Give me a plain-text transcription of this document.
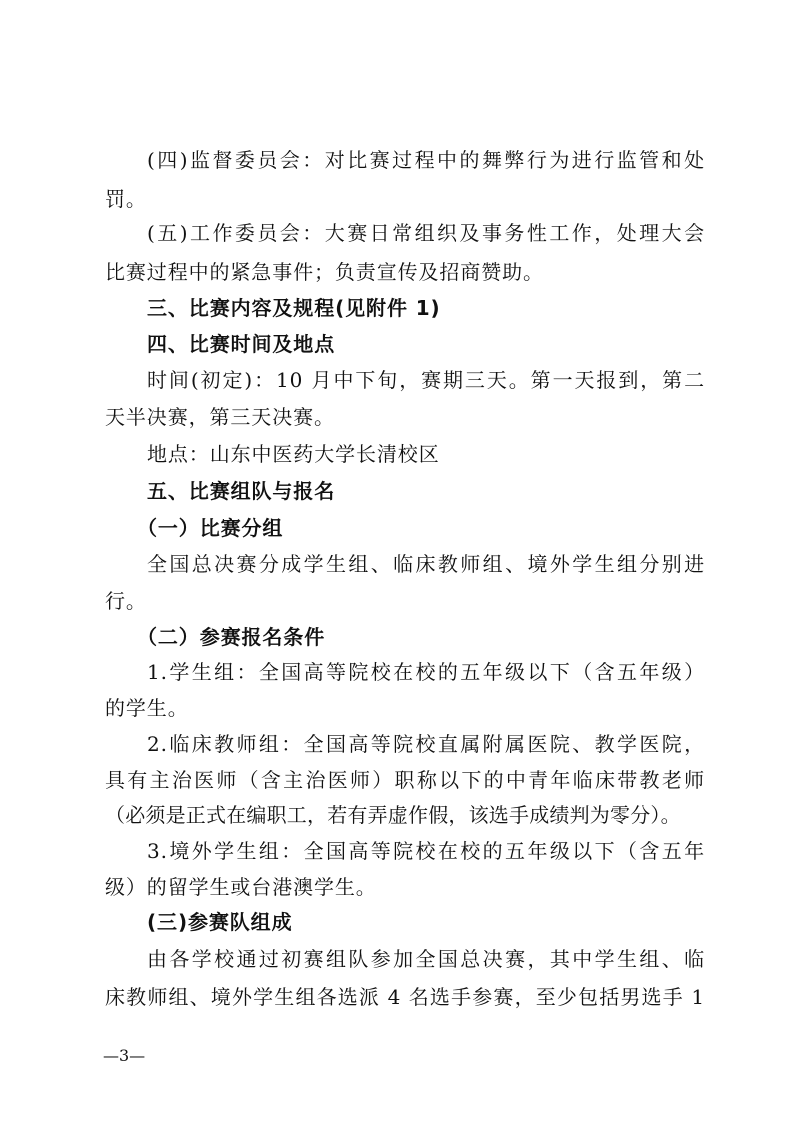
(四)监督委员会：对比赛过程中的舞弊行为进行监管和处
罚。
(五)工作委员会：大赛日常组织及事务性工作，处理大会
比赛过程中的紧急事件；负责宣传及招商赞助。
三、比赛内容及规程(见附件 1)
四、比赛时间及地点
时间(初定)：10 月中下旬，赛期三天。第一天报到，第二
天半决赛，第三天决赛。
地点：山东中医药大学长清校区
五、比赛组队与报名
（一）比赛分组
全国总决赛分成学生组、临床教师组、境外学生组分别进
行。
（二）参赛报名条件
1.学生组：全国高等院校在校的五年级以下（含五年级）
的学生。
2.临床教师组：全国高等院校直属附属医院、教学医院，
具有主治医师（含主治医师）职称以下的中青年临床带教老师
（必须是正式在编职工，若有弄虚作假，该选手成绩判为零分）。
3.境外学生组：全国高等院校在校的五年级以下（含五年
级）的留学生或台港澳学生。
(三)参赛队组成
由各学校通过初赛组队参加全国总决赛，其中学生组、临
床教师组、境外学生组各选派 4 名选手参赛，至少包括男选手 1
—3—
